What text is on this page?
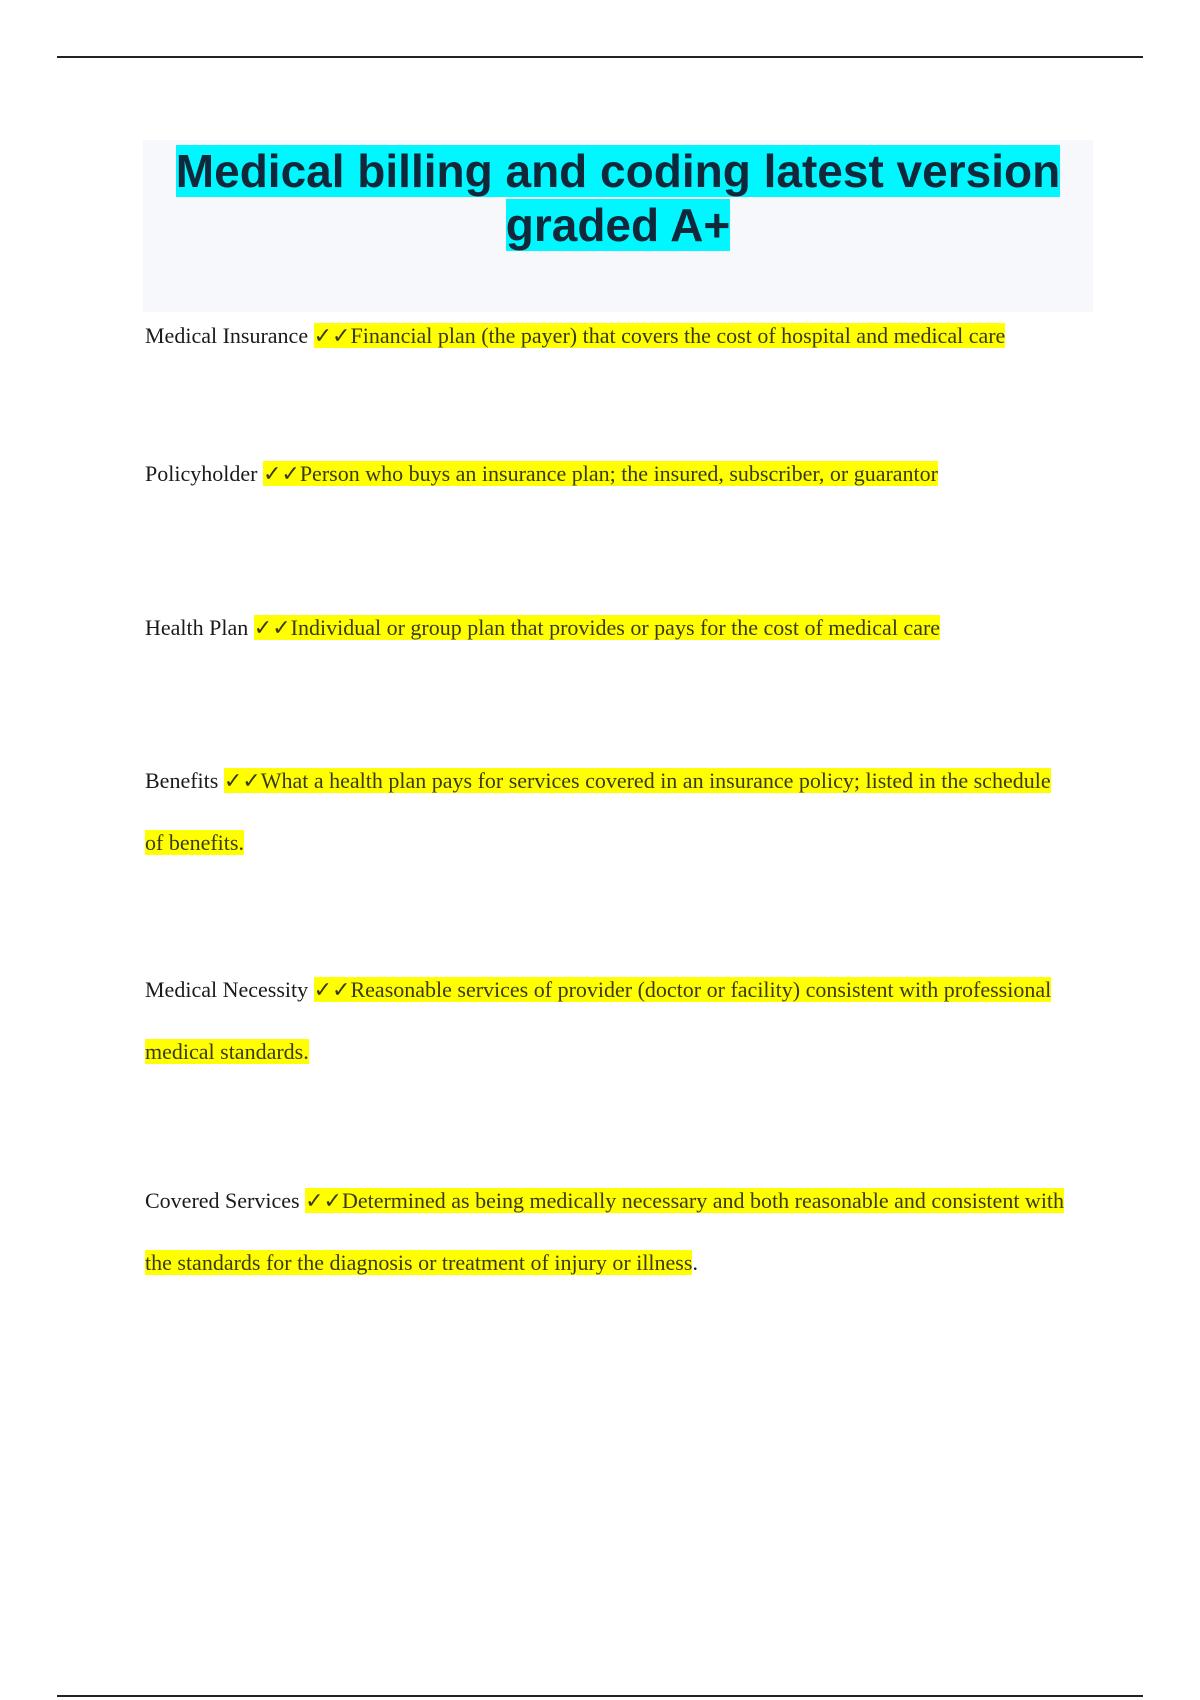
Medical billing and coding latest version graded A+

Medical Insurance ✓✓Financial plan (the payer) that covers the cost of hospital and medical care

Policyholder ✓✓Person who buys an insurance plan; the insured, subscriber, or guarantor

Health Plan ✓✓Individual or group plan that provides or pays for the cost of medical care

Benefits ✓✓What a health plan pays for services covered in an insurance policy; listed in the schedule of benefits.

Medical Necessity ✓✓Reasonable services of provider (doctor or facility) consistent with professional medical standards.

Covered Services ✓✓Determined as being medically necessary and both reasonable and consistent with the standards for the diagnosis or treatment of injury or illness.
